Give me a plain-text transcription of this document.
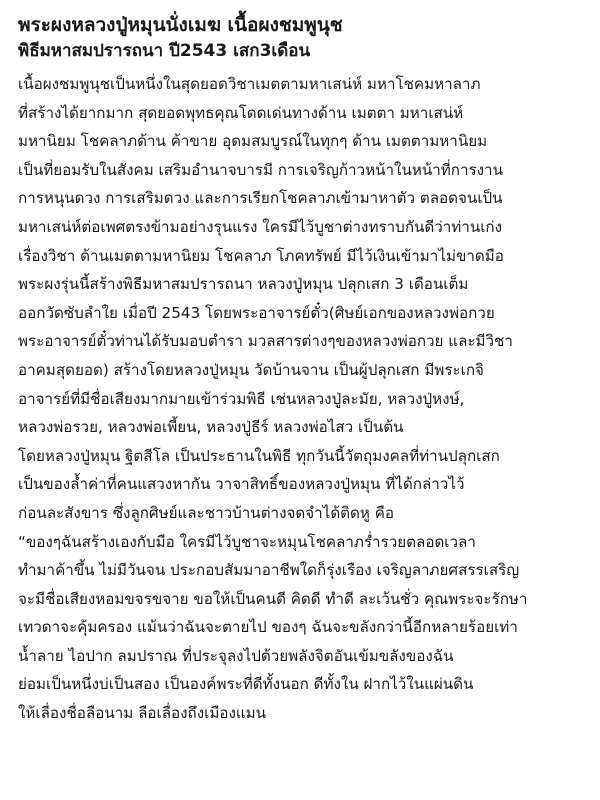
พระผงหลวงปู่หมุนนั่งเมฆ เนื้อผงชมพูนุช
พิธีมหาสมปรารถนา ปี2543 เสก3เดือน
เนื้อผงชมพูนุชเป็นหนึ่งในสุดยอดวิชาเมตตามหาเสน่ห์ มหาโชคมหาลาภ
ที่สร้างได้ยากมาก สุดยอดพุทธคุณโดดเด่นทางด้าน เมตตา มหาเสน่ห์
มหานิยม โชคลาภด้าน ค้าขาย อุดมสมบูรณ์ในทุกๆ ด้าน เมตตามหานิยม
เป็นที่ยอมรับในสังคม เสริมอำนาจบารมี การเจริญก้าวหน้าในหน้าที่การงาน
การหนุนดวง การเสริมดวง และการเรียกโชคลาภเข้ามาหาตัว ตลอดจนเป็น
มหาเสน่ห์ต่อเพศตรงข้ามอย่างรุนแรง ใครมีไว้บูชาต่างทราบกันดีว่าท่านเก่ง
เรื่องวิชา ด้านเมตตามหานิยม โชคลาภ โภคทรัพย์ มีไว้เงินเข้ามาไม่ขาดมือ
พระผงรุ่นนี้สร้างพิธีมหาสมปรารถนา หลวงปู่หมุน ปลุกเสก 3 เดือนเต็ม
ออกวัดซับลำใย เมื่อปี 2543 โดยพระอาจารย์ตั๋ว(ศิษย์เอกของหลวงพ่อกวย
พระอาจารย์ตั๋วท่านได้รับมอบตำรา มวลสารต่างๆของหลวงพ่อกวย และมีวิชา
อาคมสุดยอด) สร้างโดยหลวงปู่หมุน วัดบ้านจาน เป็นผู้ปลุกเสก มีพระเกจิ
อาจารย์ที่มีชื่อเสียงมากมายเข้าร่วมพิธี เช่นหลวงปู่ละมัย, หลวงปู่หงษ์,
หลวงพ่อรวย, หลวงพ่อเพี้ยน, หลวงปู่ธีร์ หลวงพ่อไสว เป็นต้น
โดยหลวงปู่หมุน ฐิตสีโล เป็นประธานในพิธี ทุกวันนี้วัตถุมงคลที่ท่านปลุกเสก
เป็นของล้ำค่าที่คนแสวงหากัน วาจาสิทธิ์ของหลวงปู่หมุน ที่ได้กล่าวไว้
ก่อนละสังขาร ซึ่งลูกศิษย์และชาวบ้านต่างจดจำได้ติดหู คือ
“ของๆฉันสร้างเองกับมือ ใครมีไว้บูชาจะหมุนโชคลาภร่ำรวยตลอดเวลา
ทำมาค้าขึ้น ไม่มีวันจน ประกอบสัมมาอาชีพใดก็รุ่งเรือง เจริญลาภยศสรรเสริญ
จะมีชื่อเสียงหอมขจรขจาย ขอให้เป็นคนดี คิดดี ทำดี ละเว้นชั่ว คุณพระจะรักษา
เทวดาจะคุ้มครอง แม้นว่าฉันจะตายไป ของๆ ฉันจะขลังกว่านี้อีกหลายร้อยเท่า
น้ำลาย ไอปาก ลมปราณ ที่ประจุลงไปด้วยพลังจิตอันเข้มขลังของฉัน
ย่อมเป็นหนึ่งบ่เป็นสอง เป็นองค์พระที่ดีทั้งนอก ดีทั้งใน ฝากไว้ในแผ่นดิน
ให้เลื่องชื่อลือนาม ลือเลื่องถึงเมืองแมน
